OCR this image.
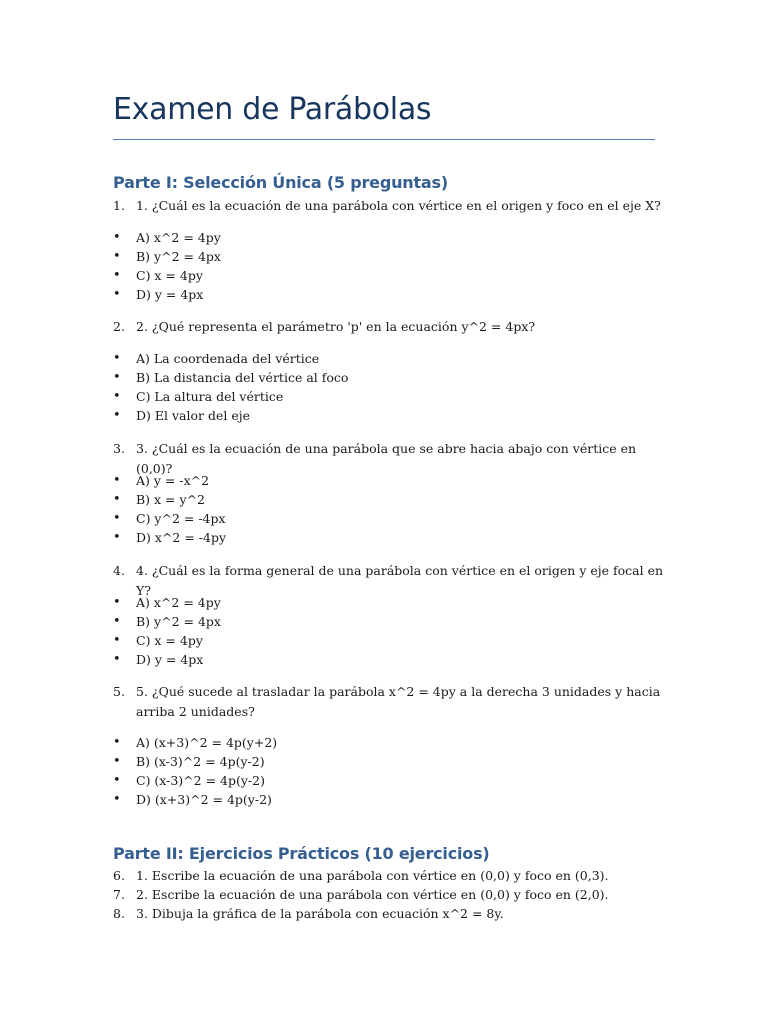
Examen de Parábolas
Parte I: Selección Única (5 preguntas)
1. 1. ¿Cuál es la ecuación de una parábola con vértice en el origen y foco en el eje X?
• A) x^2 = 4py
• B) y^2 = 4px
• C) x = 4py
• D) y = 4px
2. 2. ¿Qué representa el parámetro 'p' en la ecuación y^2 = 4px?
• A) La coordenada del vértice
• B) La distancia del vértice al foco
• C) La altura del vértice
• D) El valor del eje
3. 3. ¿Cuál es la ecuación de una parábola que se abre hacia abajo con vértice en (0,0)?
• A) y = -x^2
• B) x = y^2
• C) y^2 = -4px
• D) x^2 = -4py
4. 4. ¿Cuál es la forma general de una parábola con vértice en el origen y eje focal en Y?
• A) x^2 = 4py
• B) y^2 = 4px
• C) x = 4py
• D) y = 4px
5. 5. ¿Qué sucede al trasladar la parábola x^2 = 4py a la derecha 3 unidades y hacia arriba 2 unidades?
• A) (x+3)^2 = 4p(y+2)
• B) (x-3)^2 = 4p(y-2)
• C) (x-3)^2 = 4p(y-2)
• D) (x+3)^2 = 4p(y-2)
Parte II: Ejercicios Prácticos (10 ejercicios)
6. 1. Escribe la ecuación de una parábola con vértice en (0,0) y foco en (0,3).
7. 2. Escribe la ecuación de una parábola con vértice en (0,0) y foco en (2,0).
8. 3. Dibuja la gráfica de la parábola con ecuación x^2 = 8y.
